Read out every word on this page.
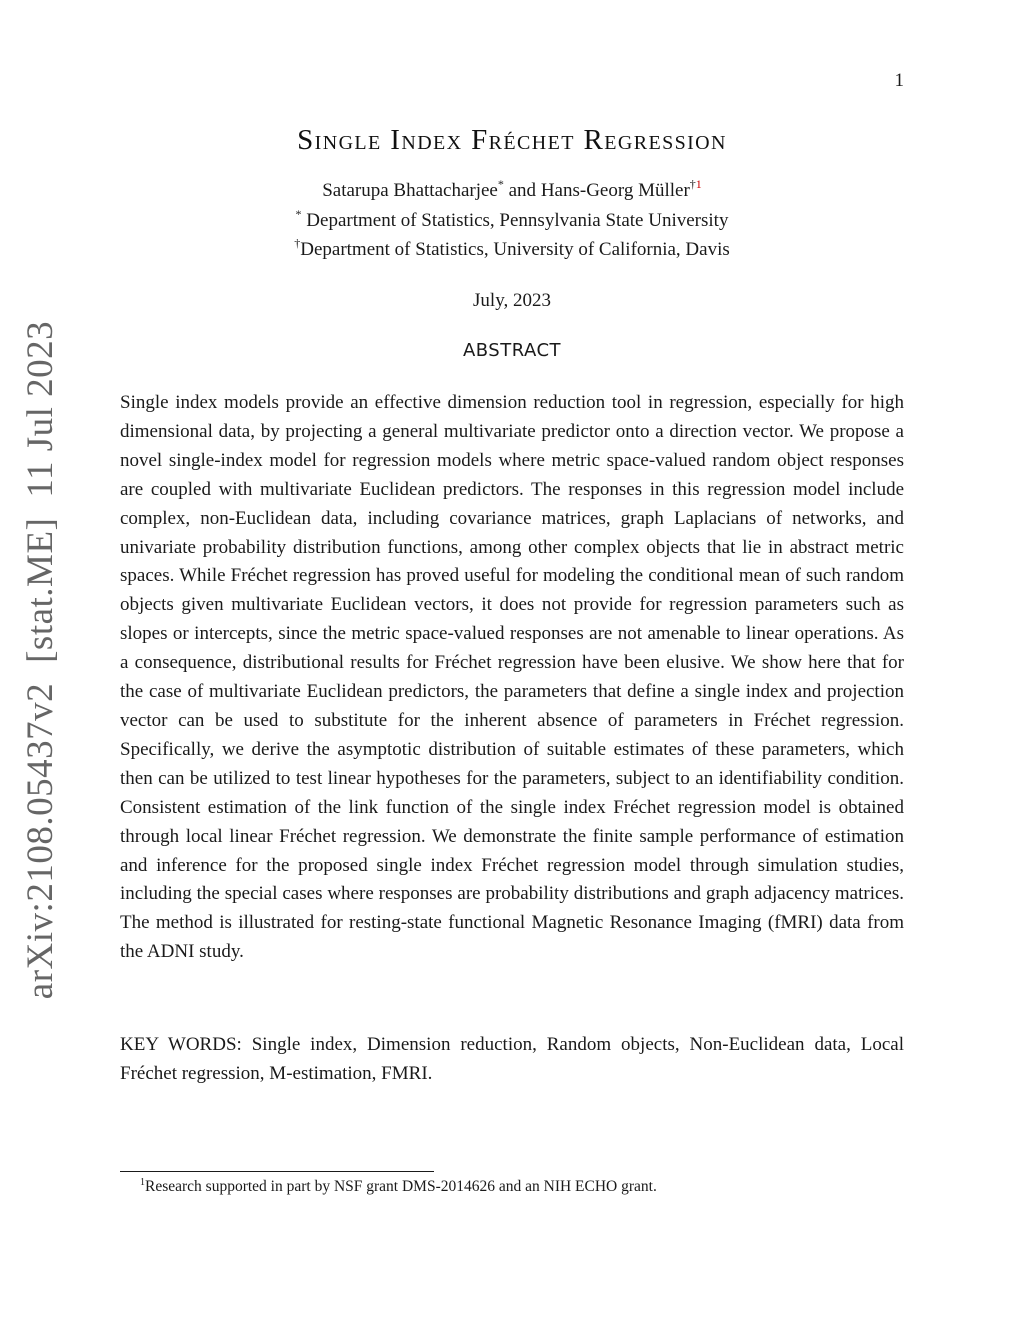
1
arXiv:2108.05437v2
[stat.ME]
11 Jul 2023
Single Index Fréchet Regression
Satarupa Bhattacharjee* and Hans-Georg Müller$^{\dagger 1}$
* Department of Statistics, Pennsylvania State University
†Department of Statistics, University of California, Davis
July, 2023
ABSTRACT

Single index models provide an effective dimension reduction tool in regression, especially for high dimensional data, by projecting a general multivariate predictor onto a direction vector. We propose a novel single-index model for regression models where metric space-valued random object responses are coupled with multivariate Euclidean predictors. The responses in this regression model include complex, non-Euclidean data, including covariance matrices, graph Laplacians of networks, and univariate probability distribution functions, among other complex objects that lie in abstract metric spaces. While Fréchet regression has proved useful for modeling the conditional mean of such random objects given multivariate Euclidean vectors, it does not provide for regression parameters such as slopes or intercepts, since the metric space-valued responses are not amenable to linear operations. As a consequence, distributional results for Fréchet regression have been elusive. We show here that for the case of multivariate Euclidean predictors, the parameters that define a single index and projection vector can be used to substitute for the inherent absence of parameters in Fréchet regression. Specifically, we derive the asymptotic distribution of suitable estimates of these parameters, which then can be utilized to test linear hypotheses for the parameters, subject to an identifiability condition. Consistent estimation of the link function of the single index Fréchet regression model is obtained through local linear Fréchet regression. We demonstrate the finite sample performance of estimation and inference for the proposed single index Fréchet regression model through simulation studies, including the special cases where responses are probability distributions and graph adjacency matrices. The method is illustrated for resting-state functional Magnetic Resonance Imaging (fMRI) data from the ADNI study.

KEY WORDS: Single index, Dimension reduction, Random objects, Non-Euclidean data, Local Fréchet regression, M-estimation, FMRI.

$^1$Research supported in part by NSF grant DMS-2014626 and an NIH ECHO grant.
